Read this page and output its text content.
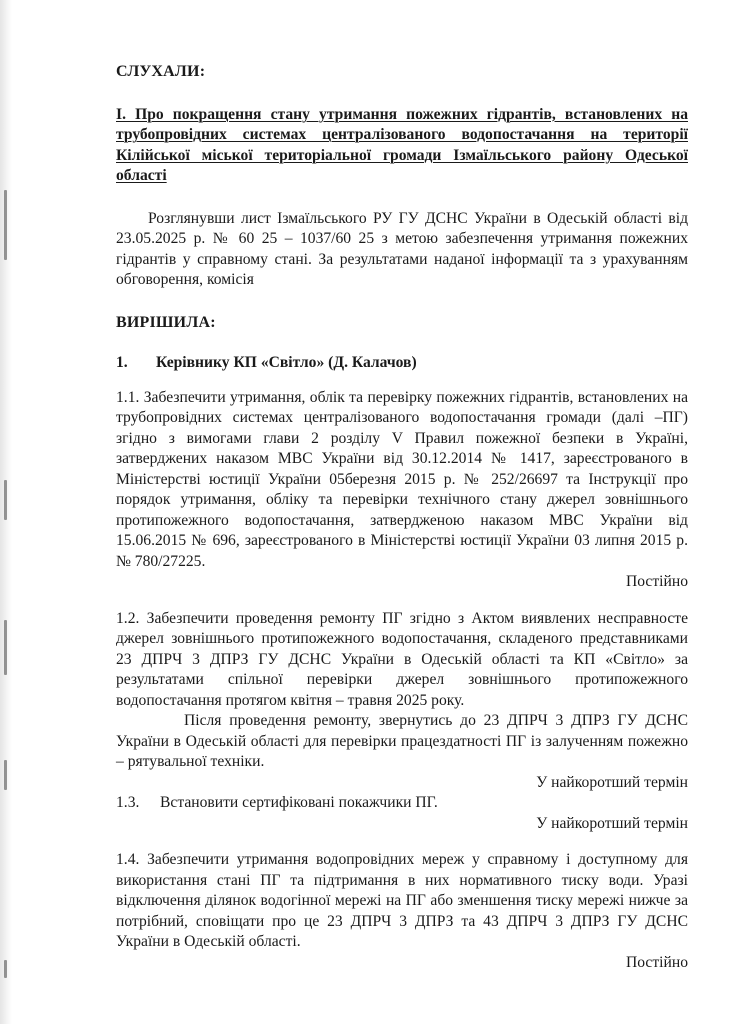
СЛУХАЛИ:

І. Про покращення стану утримання пожежних гідрантів, встановлених на трубопровідних системах централізованого водопостачання на території Кілійської міської територіальної громади Ізмаїльського району Одеської області

Розглянувши лист Ізмаїльського РУ ГУ ДСНС України в Одеській області від 23.05.2025 р. № 60 25 – 1037/60 25 з метою забезпечення утримання пожежних гідрантів у справному стані. За результатами наданої інформації та з урахуванням обговорення, комісія

ВИРІШИЛА:

1.	Керівнику КП «Світло» (Д. Калачов)

1.1. Забезпечити утримання, облік та перевірку пожежних гідрантів, встановлених на трубопровідних системах централізованого водопостачання громади (далі –ПГ) згідно з вимогами глави 2 розділу V Правил пожежної безпеки в Україні, затверджених наказом МВС України від 30.12.2014 № 1417, зареєстрованого в Міністерстві юстиції України 05березня 2015 р. № 252/26697 та Інструкції про порядок утримання, обліку та перевірки технічного стану джерел зовнішнього протипожежного водопостачання, затвердженою наказом МВС України від 15.06.2015 № 696, зареєстрованого в Міністерстві юстиції України 03 липня 2015 р. № 780/27225.

Постійно

1.2. Забезпечити проведення ремонту ПГ згідно з Актом виявлених несправносте джерел зовнішнього протипожежного водопостачання, складеного представниками 23 ДПРЧ 3 ДПРЗ ГУ ДСНС України в Одеській області та КП «Світло» за результатами спільної перевірки джерел зовнішнього протипожежного водопостачання протягом квітня – травня 2025 року.

Після проведення ремонту, звернутись до 23 ДПРЧ 3 ДПРЗ ГУ ДСНС України в Одеській області для перевірки працездатності ПГ із залученням пожежно – рятувальної техніки.

У найкоротший термін

1.3.	Встановити сертифіковані покажчики ПГ.

У найкоротший термін

1.4. Забезпечити утримання водопровідних мереж у справному і доступному для використання стані ПГ та підтримання в них нормативного тиску води. Уразі відключення ділянок водогінної мережі на ПГ або зменшення тиску мережі нижче за потрібний, сповіщати про це 23 ДПРЧ 3 ДПРЗ та 43 ДПРЧ 3 ДПРЗ ГУ ДСНС України в Одеській області.

Постійно
